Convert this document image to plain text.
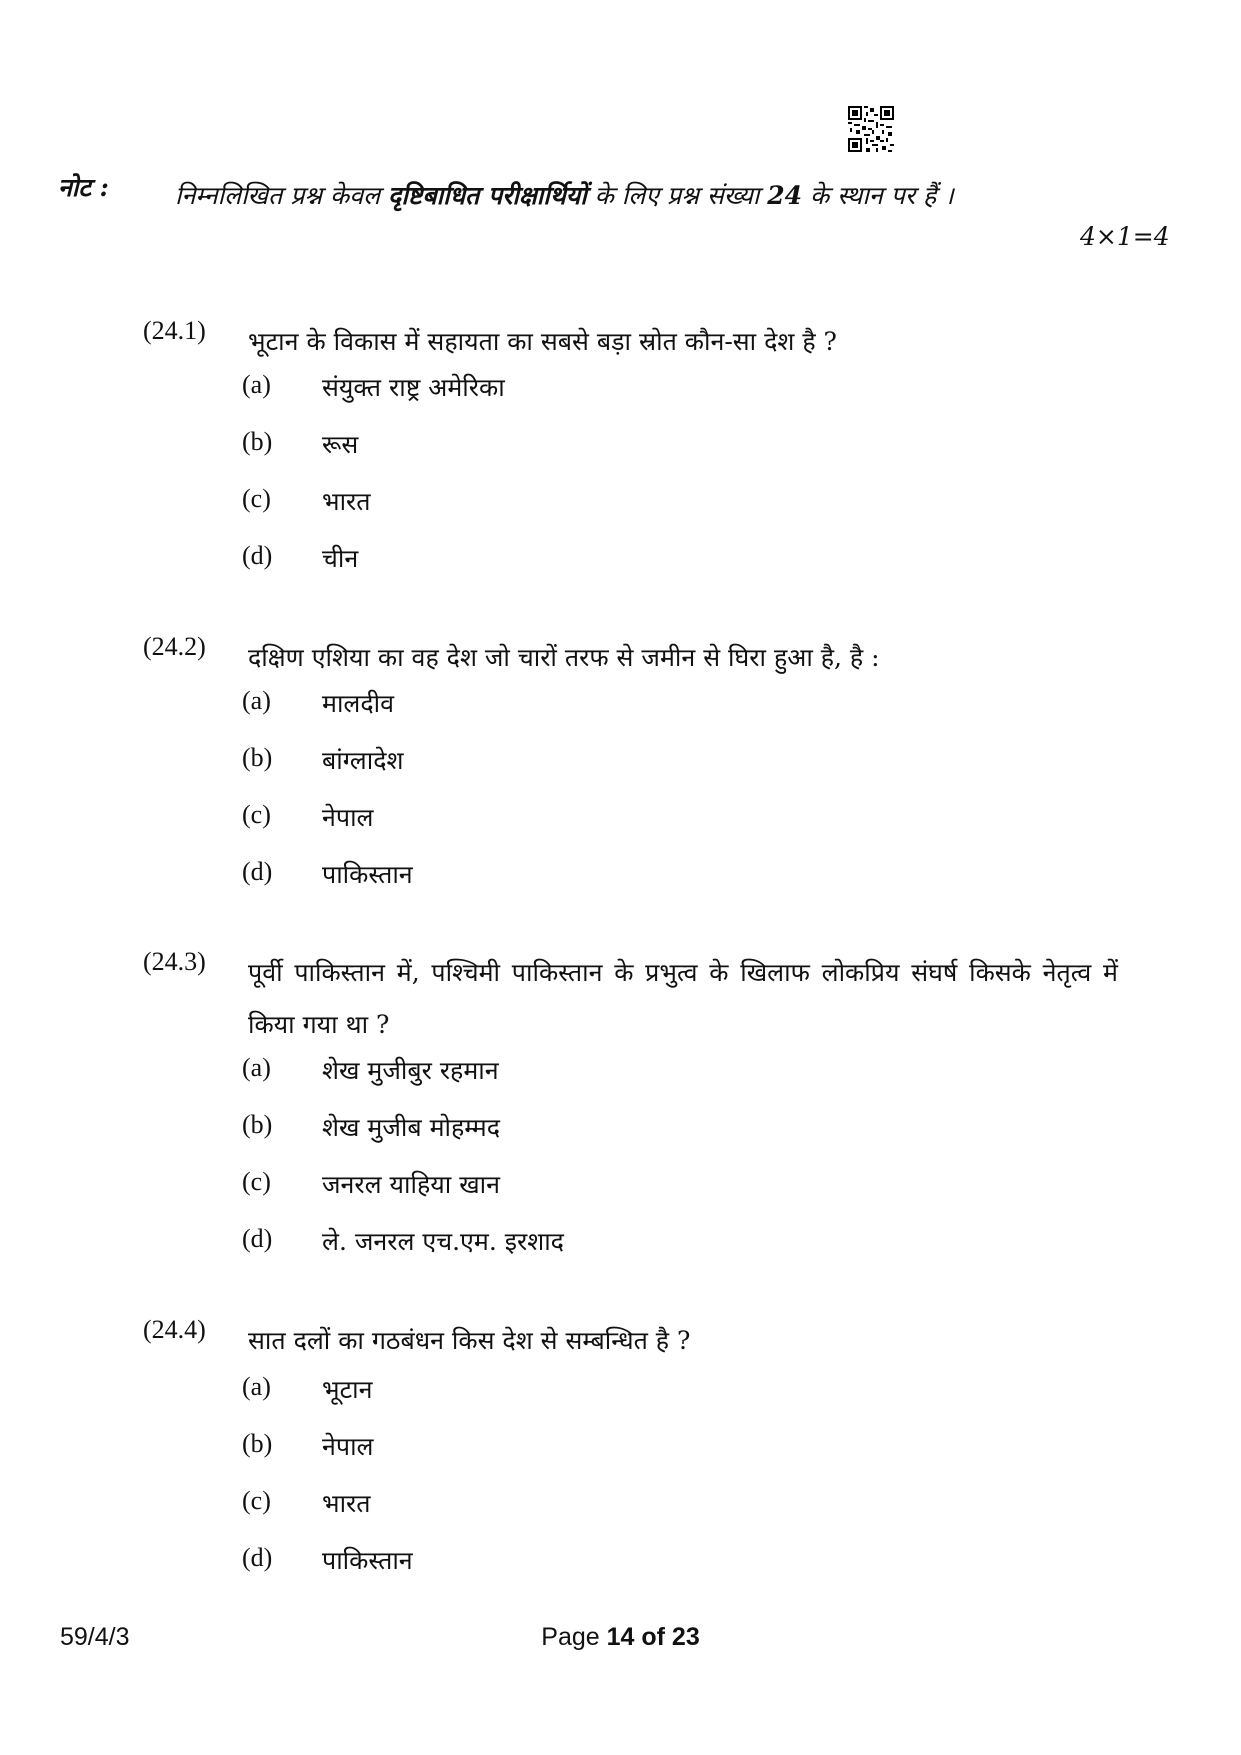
नोट :	निम्नलिखित प्रश्न केवल दृष्टिबाधित परीक्षार्थियों के लिए प्रश्न संख्या 24 के स्थान पर हैं ।
4×1=4
(24.1) भूटान के विकास में सहायता का सबसे बड़ा स्रोत कौन-सा देश है ?
(a) संयुक्त राष्ट्र अमेरिका
(b) रूस
(c) भारत
(d) चीन
(24.2) दक्षिण एशिया का वह देश जो चारों तरफ से जमीन से घिरा हुआ है, है :
(a) मालदीव
(b) बांग्लादेश
(c) नेपाल
(d) पाकिस्तान
(24.3) पूर्वी पाकिस्तान में, पश्चिमी पाकिस्तान के प्रभुत्व के खिलाफ लोकप्रिय संघर्ष किसके नेतृत्व में किया गया था ?
(a) शेख मुजीबुर रहमान
(b) शेख मुजीब मोहम्मद
(c) जनरल याहिया खान
(d) ले. जनरल एच.एम. इरशाद
(24.4) सात दलों का गठबंधन किस देश से सम्बन्धित है ?
(a) भूटान
(b) नेपाल
(c) भारत
(d) पाकिस्तान
59/4/3	Page 14 of 23
